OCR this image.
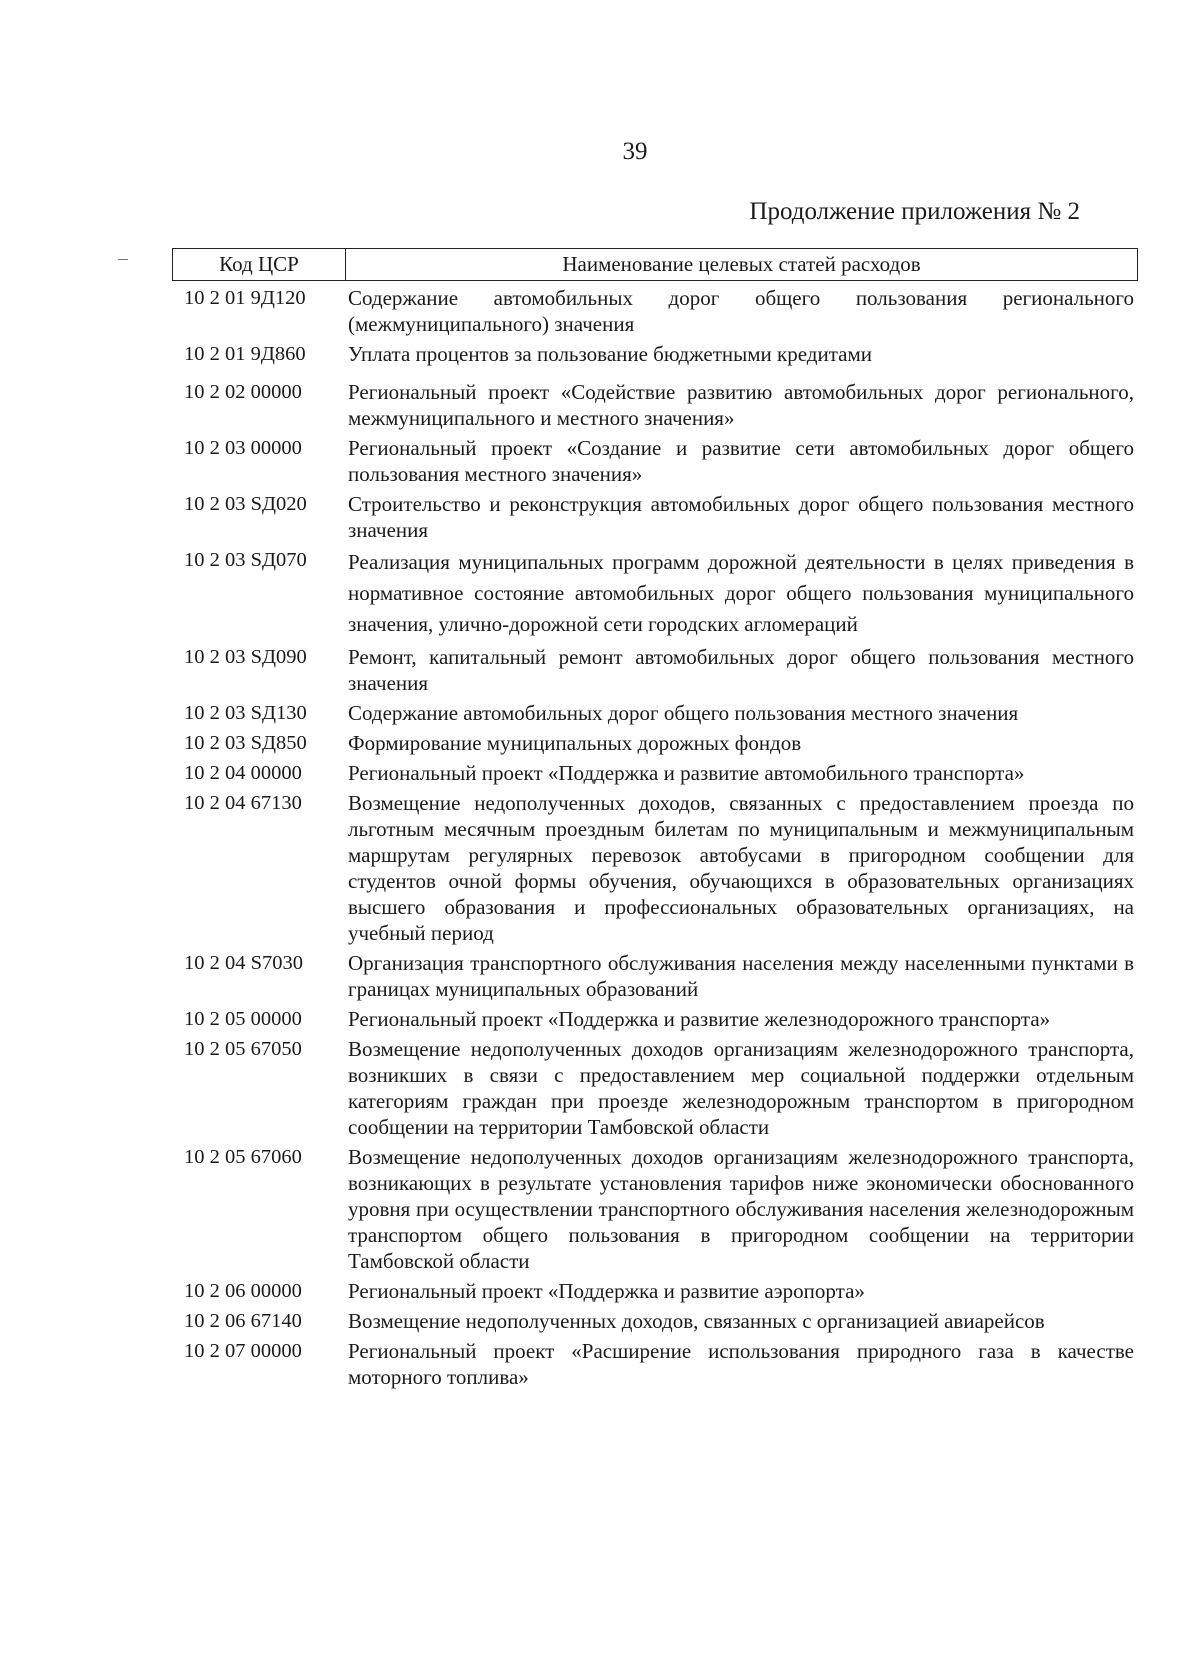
39
Продолжение приложения № 2
Код ЦСР	Наименование целевых статей расходов
10 2 01 9Д120	Содержание автомобильных дорог общего пользования регионального (межмуниципального) значения
10 2 01 9Д860	Уплата процентов за пользование бюджетными кредитами
10 2 02 00000	Региональный проект «Содействие развитию автомобильных дорог регионального, межмуниципального и местного значения»
10 2 03 00000	Региональный проект «Создание и развитие сети автомобильных дорог общего пользования местного значения»
10 2 03 SД020	Строительство и реконструкция автомобильных дорог общего пользования местного значения
10 2 03 SД070	Реализация муниципальных программ дорожной деятельности в целях приведения в нормативное состояние автомобильных дорог общего пользования муниципального значения, улично-дорожной сети городских агломераций
10 2 03 SД090	Ремонт, капитальный ремонт автомобильных дорог общего пользования местного значения
10 2 03 SД130	Содержание автомобильных дорог общего пользования местного значения
10 2 03 SД850	Формирование муниципальных дорожных фондов
10 2 04 00000	Региональный проект «Поддержка и развитие автомобильного транспорта»
10 2 04 67130	Возмещение недополученных доходов, связанных с предоставлением проезда по льготным месячным проездным билетам по муниципальным и межмуниципальным маршрутам регулярных перевозок автобусами в пригородном сообщении для студентов очной формы обучения, обучающихся в образовательных организациях высшего образования и профессиональных образовательных организациях, на учебный период
10 2 04 S7030	Организация транспортного обслуживания населения между населенными пунктами в границах муниципальных образований
10 2 05 00000	Региональный проект «Поддержка и развитие железнодорожного транспорта»
10 2 05 67050	Возмещение недополученных доходов организациям железнодорожного транспорта, возникших в связи с предоставлением мер социальной поддержки отдельным категориям граждан при проезде железнодорожным транспортом в пригородном сообщении на территории Тамбовской области
10 2 05 67060	Возмещение недополученных доходов организациям железнодорожного транспорта, возникающих в результате установления тарифов ниже экономически обоснованного уровня при осуществлении транспортного обслуживания населения железнодорожным транспортом общего пользования в пригородном сообщении на территории Тамбовской области
10 2 06 00000	Региональный проект «Поддержка и развитие аэропорта»
10 2 06 67140	Возмещение недополученных доходов, связанных с организацией авиарейсов
10 2 07 00000	Региональный проект «Расширение использования природного газа в качестве моторного топлива»
